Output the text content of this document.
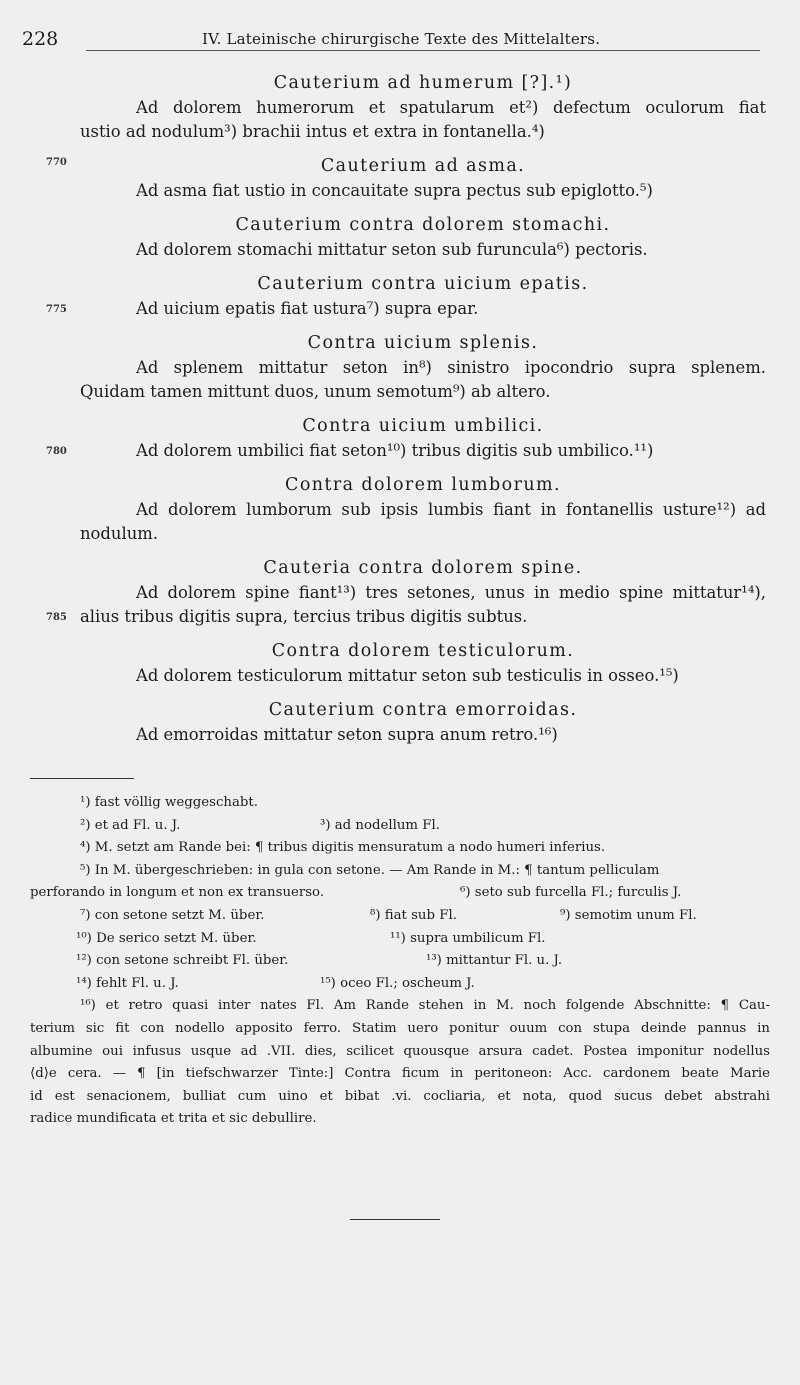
228	IV. Lateinische chirurgische Texte des Mittelalters.
Cauterium ad humerum [?].¹)
Ad dolorem humerorum et spatularum et²) defectum oculorum fiat
ustio ad nodulum³) brachii intus et extra in fontanella.⁴)
770	Cauterium ad asma.
Ad asma fiat ustio in concauitate supra pectus sub epiglotto.⁵)
Cauterium contra dolorem stomachi.
Ad dolorem stomachi mittatur seton sub furuncula⁶) pectoris.
Cauterium contra uicium epatis.
775	Ad uicium epatis fiat ustura⁷) supra epar.
Contra uicium splenis.
Ad splenem mittatur seton in⁸) sinistro ipocondrio supra splenem.
Quidam tamen mittunt duos, unum semotum⁹) ab altero.
Contra uicium umbilici.
780	Ad dolorem umbilici fiat seton¹⁰) tribus digitis sub umbilico.¹¹)
Contra dolorem lumborum.
Ad dolorem lumborum sub ipsis lumbis fiant in fontanellis usture¹²) ad
nodulum.
Cauteria contra dolorem spine.
Ad dolorem spine fiant¹³) tres setones, unus in medio spine mittatur¹⁴),
785 alius tribus digitis supra, tercius tribus digitis subtus.
Contra dolorem testiculorum.
Ad dolorem testiculorum mittatur seton sub testiculis in osseo.¹⁵)
Cauterium contra emorroidas.
Ad emorroidas mittatur seton supra anum retro.¹⁶)
¹) fast völlig weggeschabt.
²) et ad Fl. u. J.	³) ad nodellum Fl.
⁴) M. setzt am Rande bei: ¶ tribus digitis mensuratum a nodo humeri inferius.
⁵) In M. übergeschrieben: in gula con setone. — Am Rande in M.: ¶ tantum pelliculam
perforando in longum et non ex transuerso.	⁶) seto sub furcella Fl.; furculis J.
⁷) con setone setzt M. über.	⁸) fiat sub Fl.	⁹) semotim unum Fl.
¹⁰) De serico setzt M. über.	¹¹) supra umbilicum Fl.
¹²) con setone schreibt Fl. über.	¹³) mittantur Fl. u. J.
¹⁴) fehlt Fl. u. J.	¹⁵) oceo Fl.; oscheum J.
¹⁶) et retro quasi inter nates Fl. Am Rande stehen in M. noch folgende Abschnitte: ¶ Cau-
terium sic fit con nodello apposito ferro. Statim uero ponitur ouum con stupa deinde pannus in
albumine oui infusus usque ad .VII. dies, scilicet quousque arsura cadet. Postea imponitur nodellus
⟨d⟩e cera. — ¶ [in tiefschwarzer Tinte:] Contra ficum in peritoneon: Acc. cardonem beate Marie
id est senacionem, bulliat cum uino et bibat .vi. cocliaria, et nota, quod sucus debet abstrahi
radice mundificata et trita et sic debullire.
